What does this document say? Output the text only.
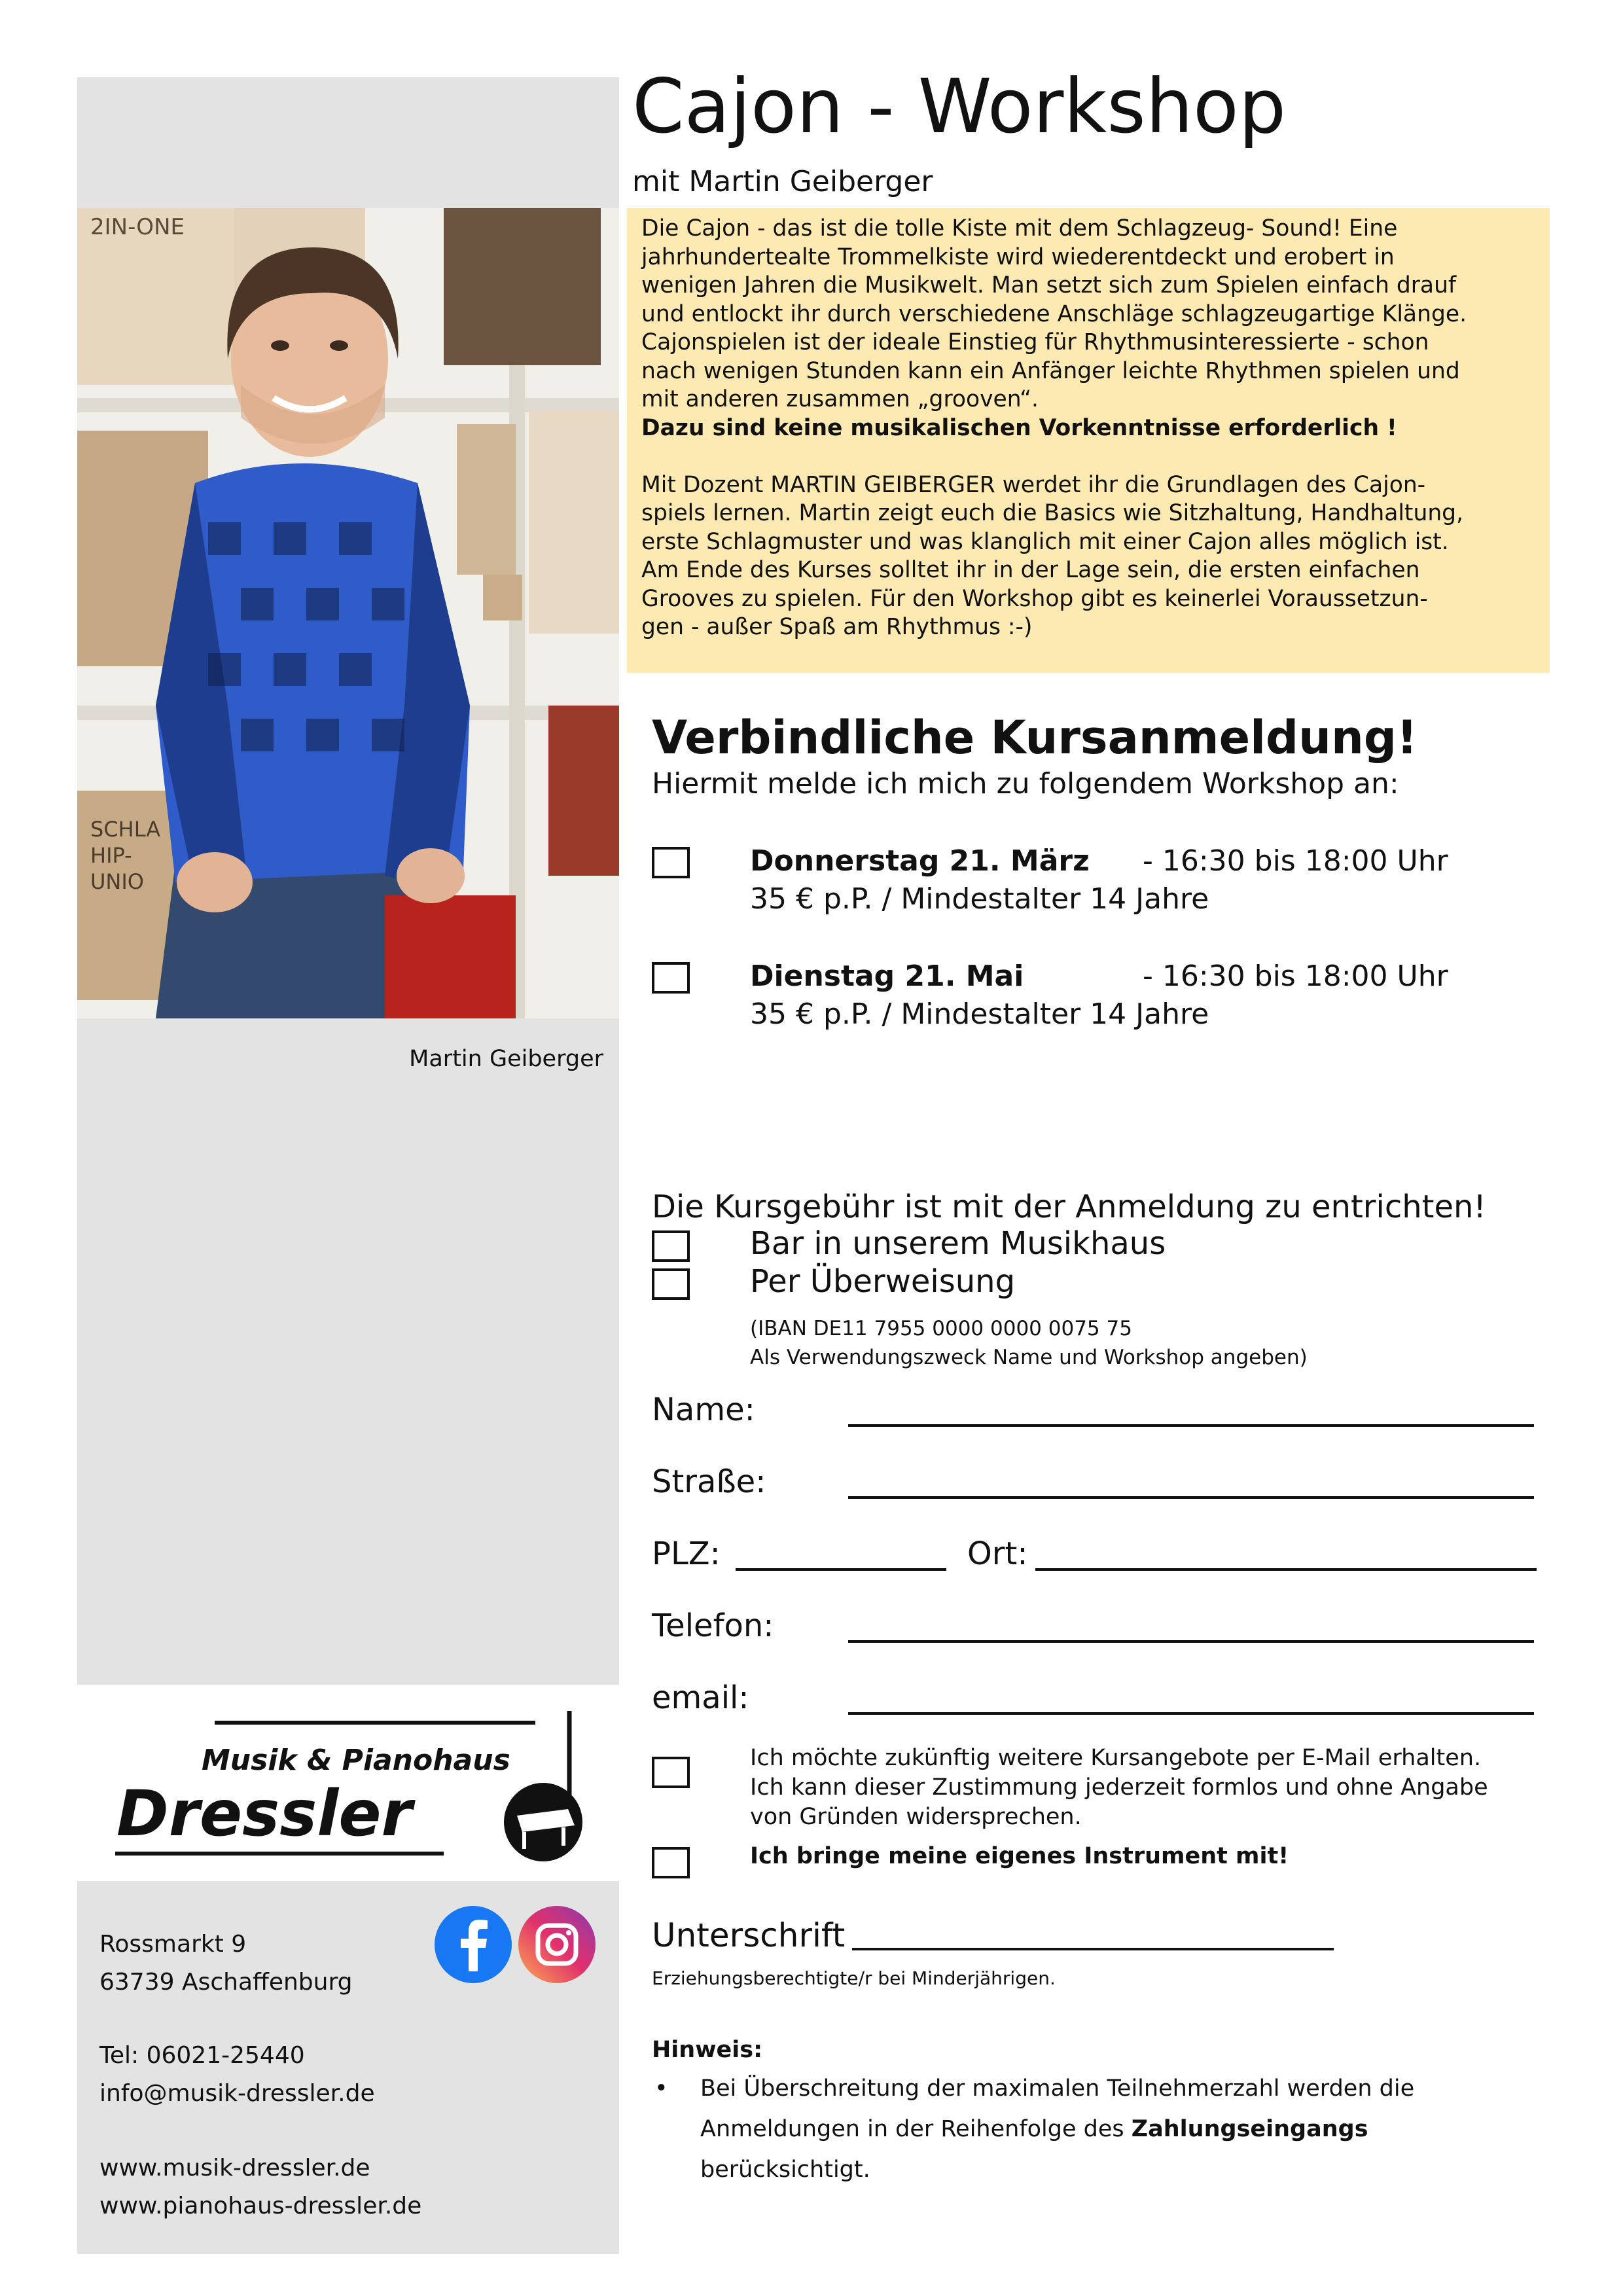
2IN-ONE
SCHLA
HIP-
UNIO
Martin Geiberger
Musik & Pianohaus
Dressler
Rossmarkt 9
63739 Aschaffenburg
Tel: 06021-25440
info@musik-dressler.de
www.musik-dressler.de
www.pianohaus-dressler.de
Cajon - Workshop
mit Martin Geiberger

Die Cajon - das ist die tolle Kiste mit dem Schlagzeug- Sound! Eine

jahrhundertealte Trommelkiste wird wiederentdeckt und erobert in

wenigen Jahren die Musikwelt. Man setzt sich zum Spielen einfach drauf

und entlockt ihr durch verschiedene Anschläge schlagzeugartige Klänge.

Cajonspielen ist der ideale Einstieg für Rhythmusinteressierte - schon

nach wenigen Stunden kann ein Anfänger leichte Rhythmen spielen und

mit anderen zusammen „grooven“.

Dazu sind keine musikalischen Vorkenntnisse erforderlich !

Mit Dozent MARTIN GEIBERGER werdet ihr die Grundlagen des Cajon-

spiels lernen. Martin zeigt euch die Basics wie Sitzhaltung, Handhaltung,

erste Schlagmuster und was klanglich mit einer Cajon alles möglich ist.

Am Ende des Kurses solltet ihr in der Lage sein, die ersten einfachen

Grooves zu spielen. Für den Workshop gibt es keinerlei Voraussetzun-

gen - außer Spaß am Rhythmus :-)

Verbindliche Kursanmeldung!
Hiermit melde ich mich zu folgendem Workshop an:
Donnerstag 21. März - 16:30 bis 18:00 Uhr
35 € p.P. / Mindestalter 14 Jahre
Dienstag 21. Mai	- 16:30 bis 18:00 Uhr
35 € p.P. / Mindestalter 14 Jahre
Die Kursgebühr ist mit der Anmeldung zu entrichten!
Bar in unserem Musikhaus
Per Überweisung
(IBAN DE11 7955 0000 0000 0075 75
Als Verwendungszweck Name und Workshop angeben)
Name:
Straße:
PLZ:	Ort:
Telefon:
email:
Ich möchte zukünftig weitere Kursangebote per E-Mail erhalten.
Ich kann dieser Zustimmung jederzeit formlos und ohne Angabe
von Gründen widersprechen.
Ich bringe meine eigenes Instrument mit!
Unterschrift
Erziehungsberechtigte/r bei Minderjährigen.
Hinweis:
• Bei Überschreitung der maximalen Teilnehmerzahl werden die Anmeldungen in der Reihenfolge des Zahlungseingangs berücksichtigt.
